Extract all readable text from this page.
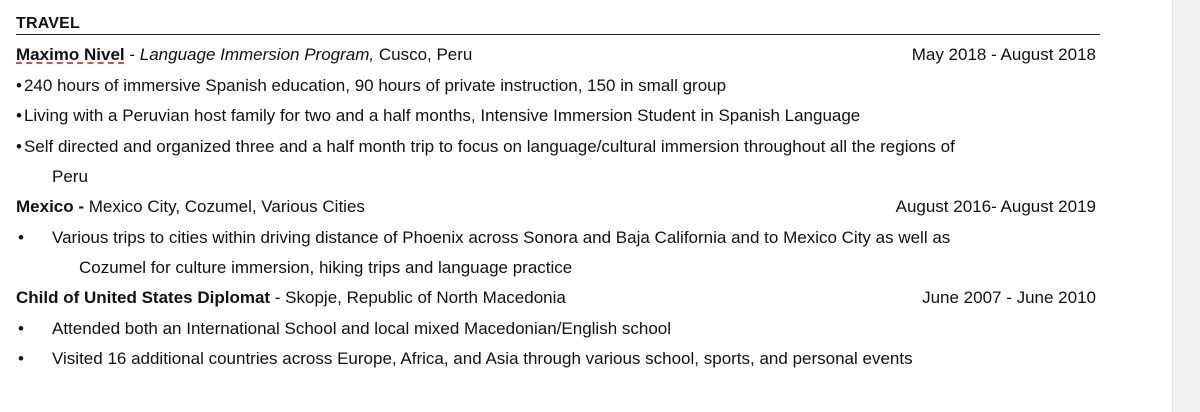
TRAVEL
Maximo Nivel - Language Immersion Program, Cusco, Peru	May 2018 - August 2018
• 240 hours of immersive Spanish education, 90 hours of private instruction, 150 in small group
• Living with a Peruvian host family for two and a half months, Intensive Immersion Student in Spanish Language
• Self directed and organized three and a half month trip to focus on language/cultural immersion throughout all the regions of
Peru
Mexico - Mexico City, Cozumel, Various Cities	August 2016- August 2019
•	Various trips to cities within driving distance of Phoenix across Sonora and Baja California and to Mexico City as well as
Cozumel for culture immersion, hiking trips and language practice
Child of United States Diplomat - Skopje, Republic of North Macedonia	June 2007 - June 2010
•	Attended both an International School and local mixed Macedonian/English school
•	Visited 16 additional countries across Europe, Africa, and Asia through various school, sports, and personal events
